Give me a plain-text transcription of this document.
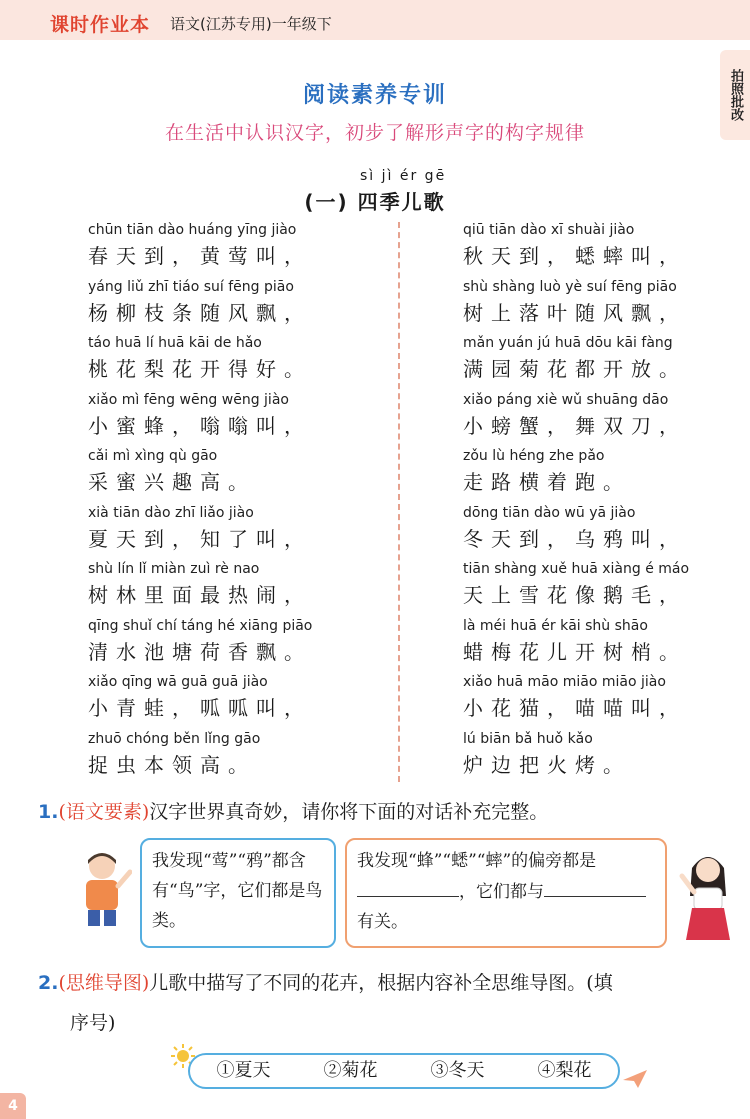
课时作业本 语文(江苏专用)一年级下
拍照批改
阅读素养专训
在生活中认识汉字，初步了解形声字的构字规律
sì jì ér gē
(一) 四季儿歌
chūn tiān dào huáng yīng jiào
春天到，黄莺叫，
yáng liǔ zhī tiáo suí fēng piāo
杨柳枝条随风飘，
táo huā lí huā kāi de hǎo
桃花梨花开得好。
xiǎo mì fēng wēng wēng jiào
小蜜蜂，嗡嗡叫，
cǎi mì xìng qù gāo
采蜜兴趣高。
xià tiān dào zhī liǎo jiào
夏天到，知了叫，
shù lín lǐ miàn zuì rè nao
树林里面最热闹，
qīng shuǐ chí táng hé xiāng piāo
清水池塘荷香飘。
xiǎo qīng wā guā guā jiào
小青蛙，呱呱叫，
zhuō chóng běn lǐng gāo
捉虫本领高。
qiū tiān dào xī shuài jiào
秋天到，蟋蟀叫，
shù shàng luò yè suí fēng piāo
树上落叶随风飘，
mǎn yuán jú huā dōu kāi fàng
满园菊花都开放。
xiǎo páng xiè wǔ shuāng dāo
小螃蟹，舞双刀，
zǒu lù héng zhe pǎo
走路横着跑。
dōng tiān dào wū yā jiào
冬天到，乌鸦叫，
tiān shàng xuě huā xiàng é máo
天上雪花像鹅毛，
là méi huā ér kāi shù shāo
蜡梅花儿开树梢。
xiǎo huā māo miāo miāo jiào
小花猫，喵喵叫，
lú biān bǎ huǒ kǎo
炉边把火烤。
1.(语文要素)汉字世界真奇妙，请你将下面的对话补充完整。
我发现“莺”“鸦”都含有“鸟”字，它们都是鸟类。
我发现“蜂”“蟋”“蟀”的偏旁都是
，它们都与
有关。
2.(思维导图)儿歌中描写了不同的花卉，根据内容补全思维导图。(填
序号)
①夏天	②菊花	③冬天	④梨花
4
